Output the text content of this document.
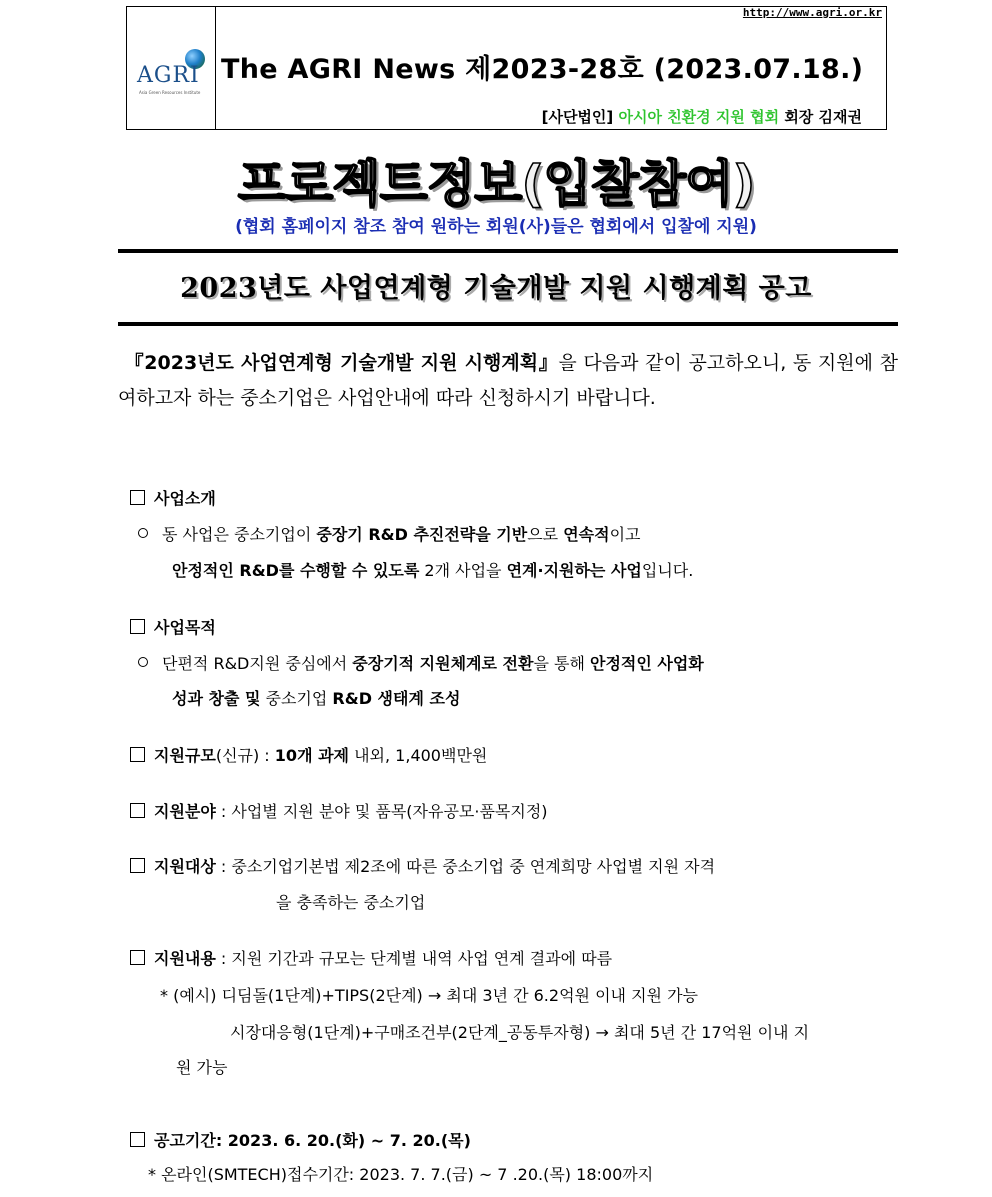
http://www.agri.or.kr
AGRI
Asia Green Resources Institute
The AGRI News 제2023-28호 (2023.07.18.)
[사단법인] 아시아 친환경 지원 협회 회장 김재권
프로젝트정보(입찰참여)
(협회 홈페이지 참조 참여 원하는 회원(사)들은 협회에서 입찰에 지원)
2023년도 사업연계형 기술개발 지원 시행계획 공고
『2023년도 사업연계형 기술개발 지원 시행계획』을 다음과 같이 공고하오니, 동 지원에 참여하고자 하는 중소기업은 사업안내에 따라 신청하시기 바랍니다.
사업소개
동 사업은 중소기업이 중장기 R&D 추진전략을 기반으로 연속적이고
안정적인 R&D를 수행할 수 있도록 2개 사업을 연계·지원하는 사업입니다.
사업목적
단편적 R&D지원 중심에서 중장기적 지원체계로 전환을 통해 안정적인 사업화
성과 창출 및 중소기업 R&D 생태계 조성
지원규모(신규) : 10개 과제 내외, 1,400백만원
지원분야 : 사업별 지원 분야 및 품목(자유공모·품목지정)
지원대상 : 중소기업기본법 제2조에 따른 중소기업 중 연계희망 사업별 지원 자격
을 충족하는 중소기업
지원내용 : 지원 기간과 규모는 단계별 내역 사업 연계 결과에 따름
* (예시) 디딤돌(1단계)+TIPS(2단계) → 최대 3년 간 6.2억원 이내 지원 가능
시장대응형(1단계)+구매조건부(2단계_공동투자형) → 최대 5년 간 17억원 이내 지
원 가능
공고기간: 2023. 6. 20.(화) ~ 7. 20.(목)
* 온라인(SMTECH)접수기간: 2023. 7. 7.(금) ~ 7 .20.(목) 18:00까지
